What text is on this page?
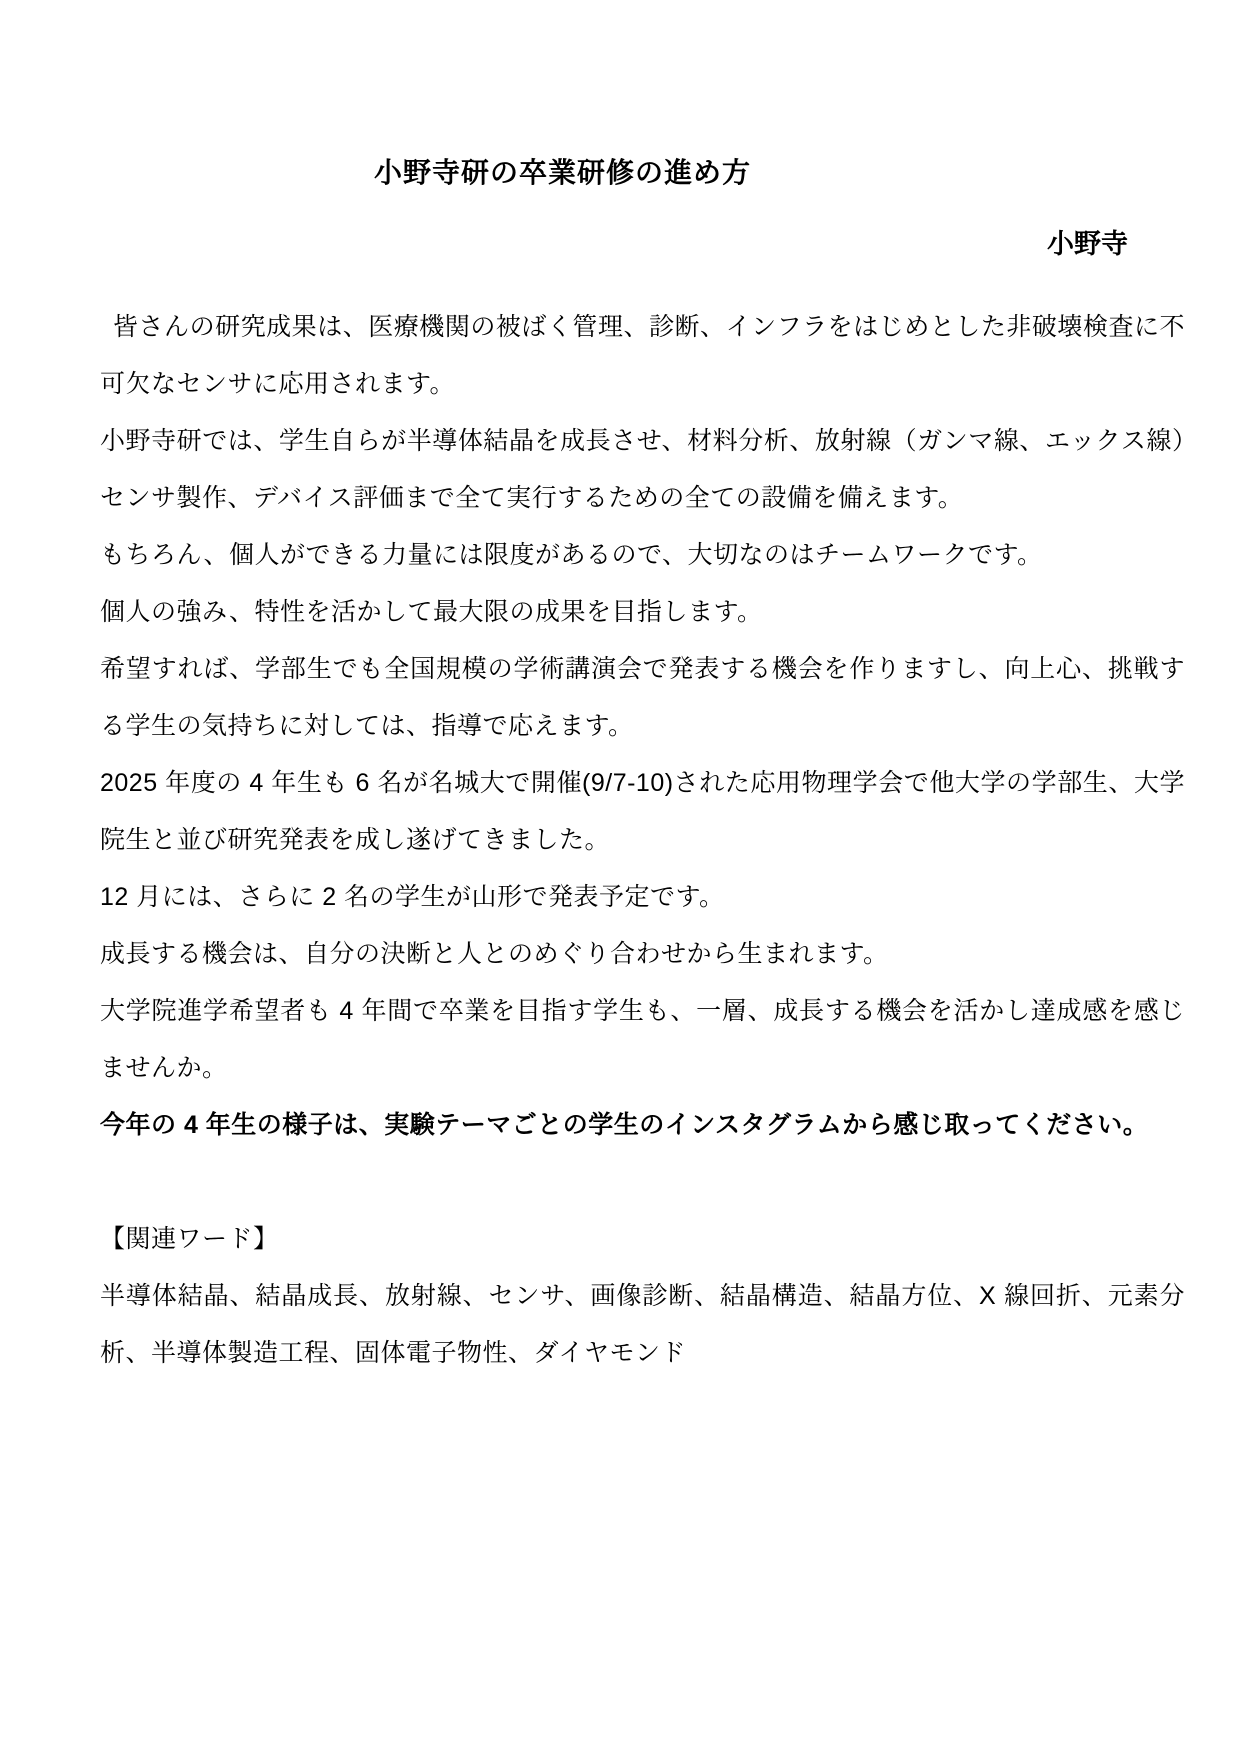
小野寺研の卒業研修の進め方
小野寺

皆さんの研究成果は、医療機関の被ばく管理、診断、インフラをはじめとした非破壊検査に不可欠なセンサに応用されます。

小野寺研では、学生自らが半導体結晶を成長させ、材料分析、放射線（ガンマ線、エックス線）センサ製作、デバイス評価まで全て実行するための全ての設備を備えます。

もちろん、個人ができる力量には限度があるので、大切なのはチームワークです。

個人の強み、特性を活かして最大限の成果を目指します。

希望すれば、学部生でも全国規模の学術講演会で発表する機会を作りますし、向上心、挑戦する学生の気持ちに対しては、指導で応えます。

2025 年度の 4 年生も 6 名が名城大で開催(9/7-10)された応用物理学会で他大学の学部生、大学院生と並び研究発表を成し遂げてきました。

12 月には、さらに 2 名の学生が山形で発表予定です。

成長する機会は、自分の決断と人とのめぐり合わせから生まれます。

大学院進学希望者も 4 年間で卒業を目指す学生も、一層、成長する機会を活かし達成感を感じませんか。

今年の 4 年生の様子は、実験テーマごとの学生のインスタグラムから感じ取ってください。

【関連ワード】

半導体結晶、結晶成長、放射線、センサ、画像診断、結晶構造、結晶方位、X 線回折、元素分析、半導体製造工程、固体電子物性、ダイヤモンド
